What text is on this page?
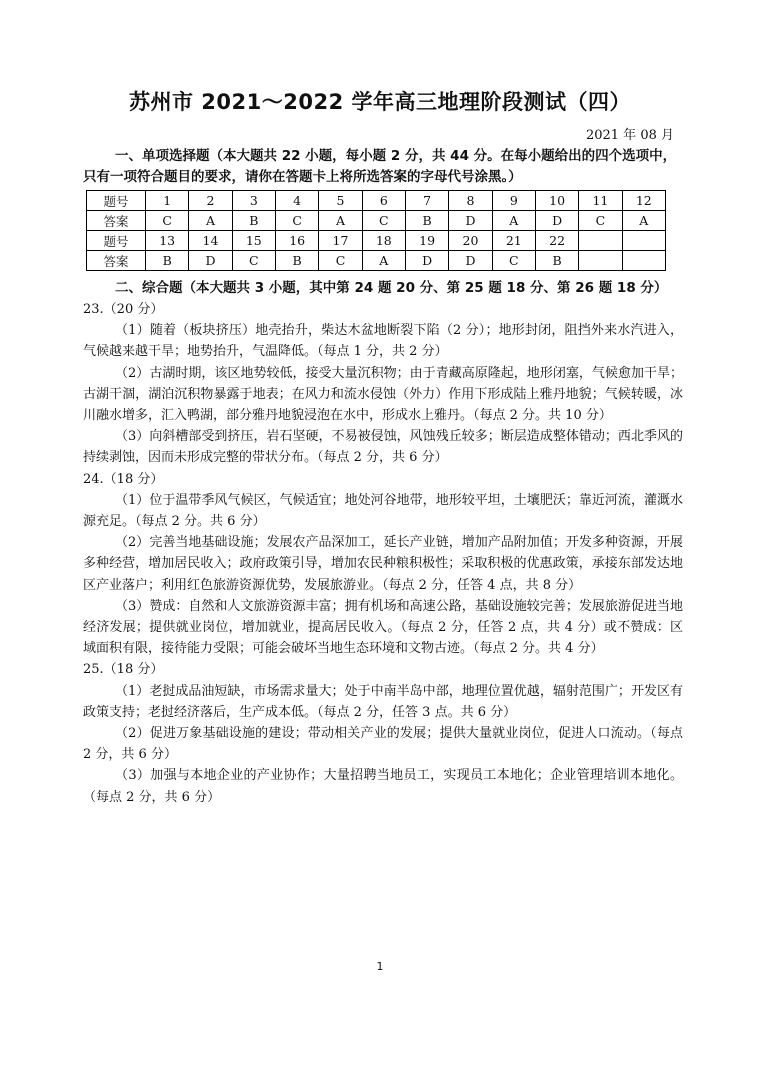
苏州市 2021～2022 学年高三地理阶段测试（四）
2021 年 08 月
一、单项选择题（本大题共 22 小题，每小题 2 分，共 44 分。在每小题给出的四个选项中，只有一项符合题目的要求，请你在答题卡上将所选答案的字母代号涂黑。）
题号	1	2	3	4	5	6	7	8	9	10	11	12
答案	C	A	B	C	A	C	B	D	A	D	C	A
题号	13	14	15	16	17	18	19	20	21	22		
答案	B	D	C	B	C	A	D	D	C	B		
二、综合题（本大题共 3 小题，其中第 24 题 20 分、第 25 题 18 分、第 26 题 18 分）
23.（20 分）
（1）随着（板块挤压）地壳抬升，柴达木盆地断裂下陷（2 分）；地形封闭，阻挡外来水汽进入，气候越来越干旱；地势抬升，气温降低。（每点 1 分，共 2 分）
（2）古湖时期，该区地势较低，接受大量沉积物；由于青藏高原隆起，地形闭塞，气候愈加干旱；古湖干涸，湖泊沉积物暴露于地表；在风力和流水侵蚀（外力）作用下形成陆上雅丹地貌；气候转暖，冰川融水增多，汇入鸭湖，部分雅丹地貌浸泡在水中，形成水上雅丹。（每点 2 分。共 10 分）
（3）向斜槽部受到挤压，岩石坚硬，不易被侵蚀，风蚀残丘较多；断层造成整体错动；西北季风的持续剥蚀，因而未形成完整的带状分布。（每点 2 分，共 6 分）
24.（18 分）
（1）位于温带季风气候区，气候适宜；地处河谷地带，地形较平坦，土壤肥沃；靠近河流，灌溉水源充足。（每点 2 分。共 6 分）
（2）完善当地基础设施；发展农产品深加工，延长产业链，增加产品附加值；开发多种资源，开展多种经营，增加居民收入；政府政策引导，增加农民种粮积极性；采取积极的优惠政策，承接东部发达地区产业落户；利用红色旅游资源优势，发展旅游业。（每点 2 分，任答 4 点，共 8 分）
（3）赞成：自然和人文旅游资源丰富；拥有机场和高速公路，基础设施较完善；发展旅游促进当地经济发展；提供就业岗位，增加就业，提高居民收入。（每点 2 分，任答 2 点，共 4 分）或不赞成：区域面积有限，接待能力受限；可能会破坏当地生态环境和文物古迹。（每点 2 分。共 4 分）
25.（18 分）
（1）老挝成品油短缺，市场需求量大；处于中南半岛中部，地理位置优越，辐射范围广；开发区有政策支持；老挝经济落后，生产成本低。（每点 2 分，任答 3 点。共 6 分）
（2）促进万象基础设施的建设；带动相关产业的发展；提供大量就业岗位，促进人口流动。（每点 2 分，共 6 分）
（3）加强与本地企业的产业协作；大量招聘当地员工，实现员工本地化；企业管理培训本地化。（每点 2 分，共 6 分）
1
